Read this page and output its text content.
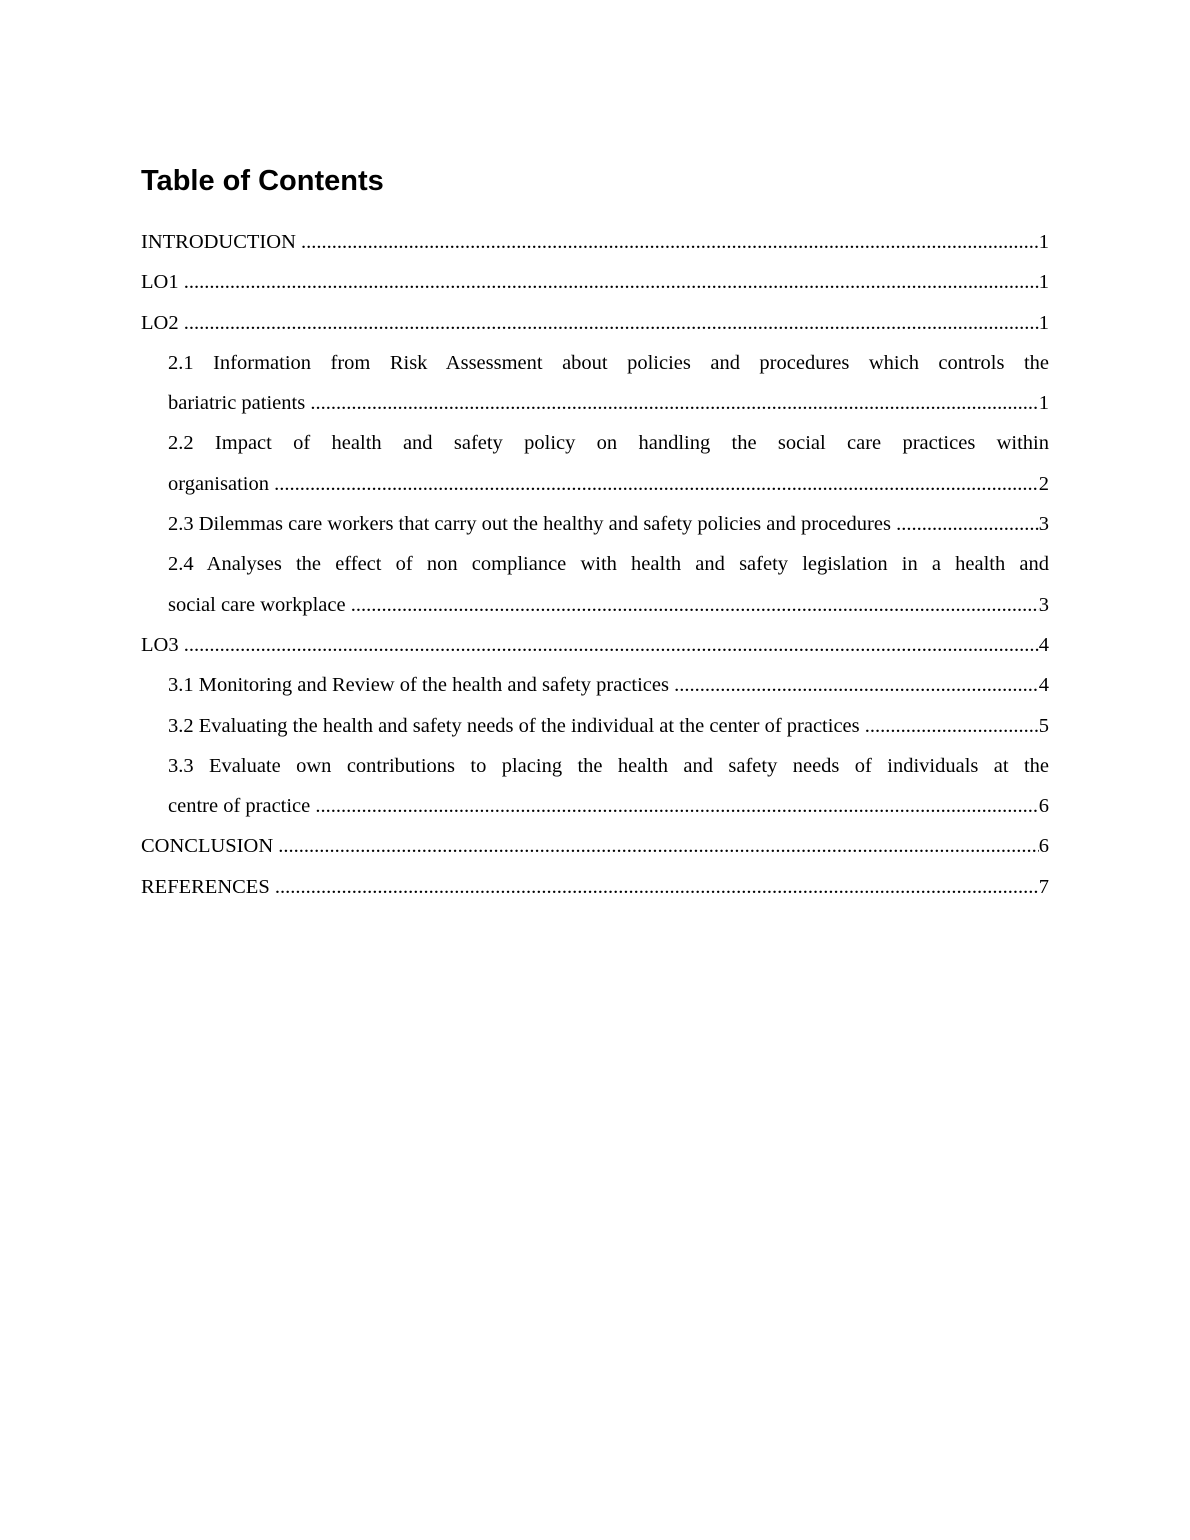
Table of Contents
INTRODUCTION .....	1
LO1 .....	1
LO2 .....	1
2.1 Information from Risk Assessment about policies and procedures which controls the
bariatric patients .....	1
2.2 Impact of health and safety policy on handling the social care practices within
organisation .....	2
2.3 Dilemmas care workers that carry out the healthy and safety policies and procedures .....	3
2.4 Analyses the effect of non compliance with health and safety legislation in a health and
social care workplace .....	3
LO3 .....	4
3.1 Monitoring and Review of the health and safety practices .....	4
3.2 Evaluating the health and safety needs of the individual at the center of practices .....	5
3.3 Evaluate own contributions to placing the health and safety needs of individuals at the
centre of practice .....	6
CONCLUSION .....	6
REFERENCES .....	7
